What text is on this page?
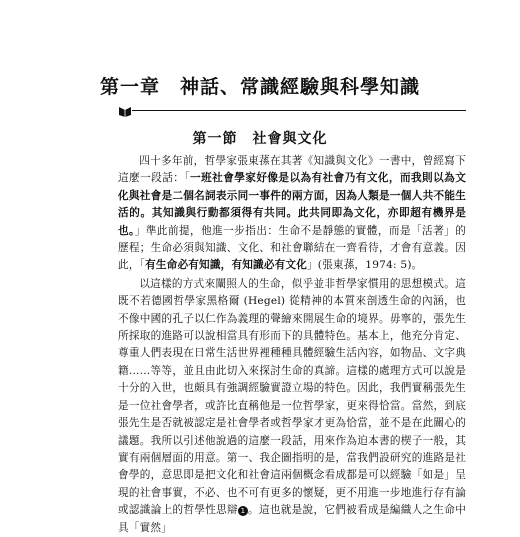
第一章　神話、常識經驗與科學知識
第一節　社會與文化

四十多年前，哲學家張東蓀在其著《知識與文化》一書中，曾經寫下這麼一段話：「一班社會學家好像是以為有社會乃有文化，而我則以為文化與社會是二個名詞表示同一事件的兩方面，因為人類是一個人共不能生活的。其知識與行動都須得有共同。此共同即為文化，亦即超有機界是也。」準此前提，他進一步指出：生命不是靜態的實體，而是「活著」的歷程；生命必須與知識、文化、和社會聯結在一齊看待，才會有意義。因此，「有生命必有知識，有知識必有文化」(張東蓀，1974: 5)。

以這樣的方式來闡照人的生命，似乎並非哲學家慣用的思想模式。這既不若德國哲學家黑格爾 (Hegel) 從精神的本質來剖透生命的內涵，也不像中國的孔子以仁作為義理的聲繪來開展生命的境界。毋寧的，張先生所採取的進路可以說相當具有形而下的具體特色。基本上，他充分肯定、尊重人們表現在日常生活世界裡種種具體經驗生活內容，如物品、文字典籍……等等，並且由此切入來探討生命的真諦。這樣的處理方式可以說是十分的入世，也頗具有強調經驗實證立場的特色。因此，我們實稱張先生是一位社會學者，或許比直稱他是一位哲學家，更來得恰當。當然，到底張先生是否就被認定是社會學者或哲學家才更為恰當，並不是在此關心的議題。我所以引述他說過的這麼一段話，用來作為迫本書的楔子一般，其實有兩個層面的用意。第一、我企圖指明的是，當我們設研究的進路是社會學的，意思即是把文化和社會這兩個概念看成都是可以經驗「如是」呈現的社會事實，不必、也不可有更多的懷疑，更不用進一步地進行存有論或認識論上的哲學性思辯 1 。這也就是說，它們被看成是編織人之生命中具「實然」
